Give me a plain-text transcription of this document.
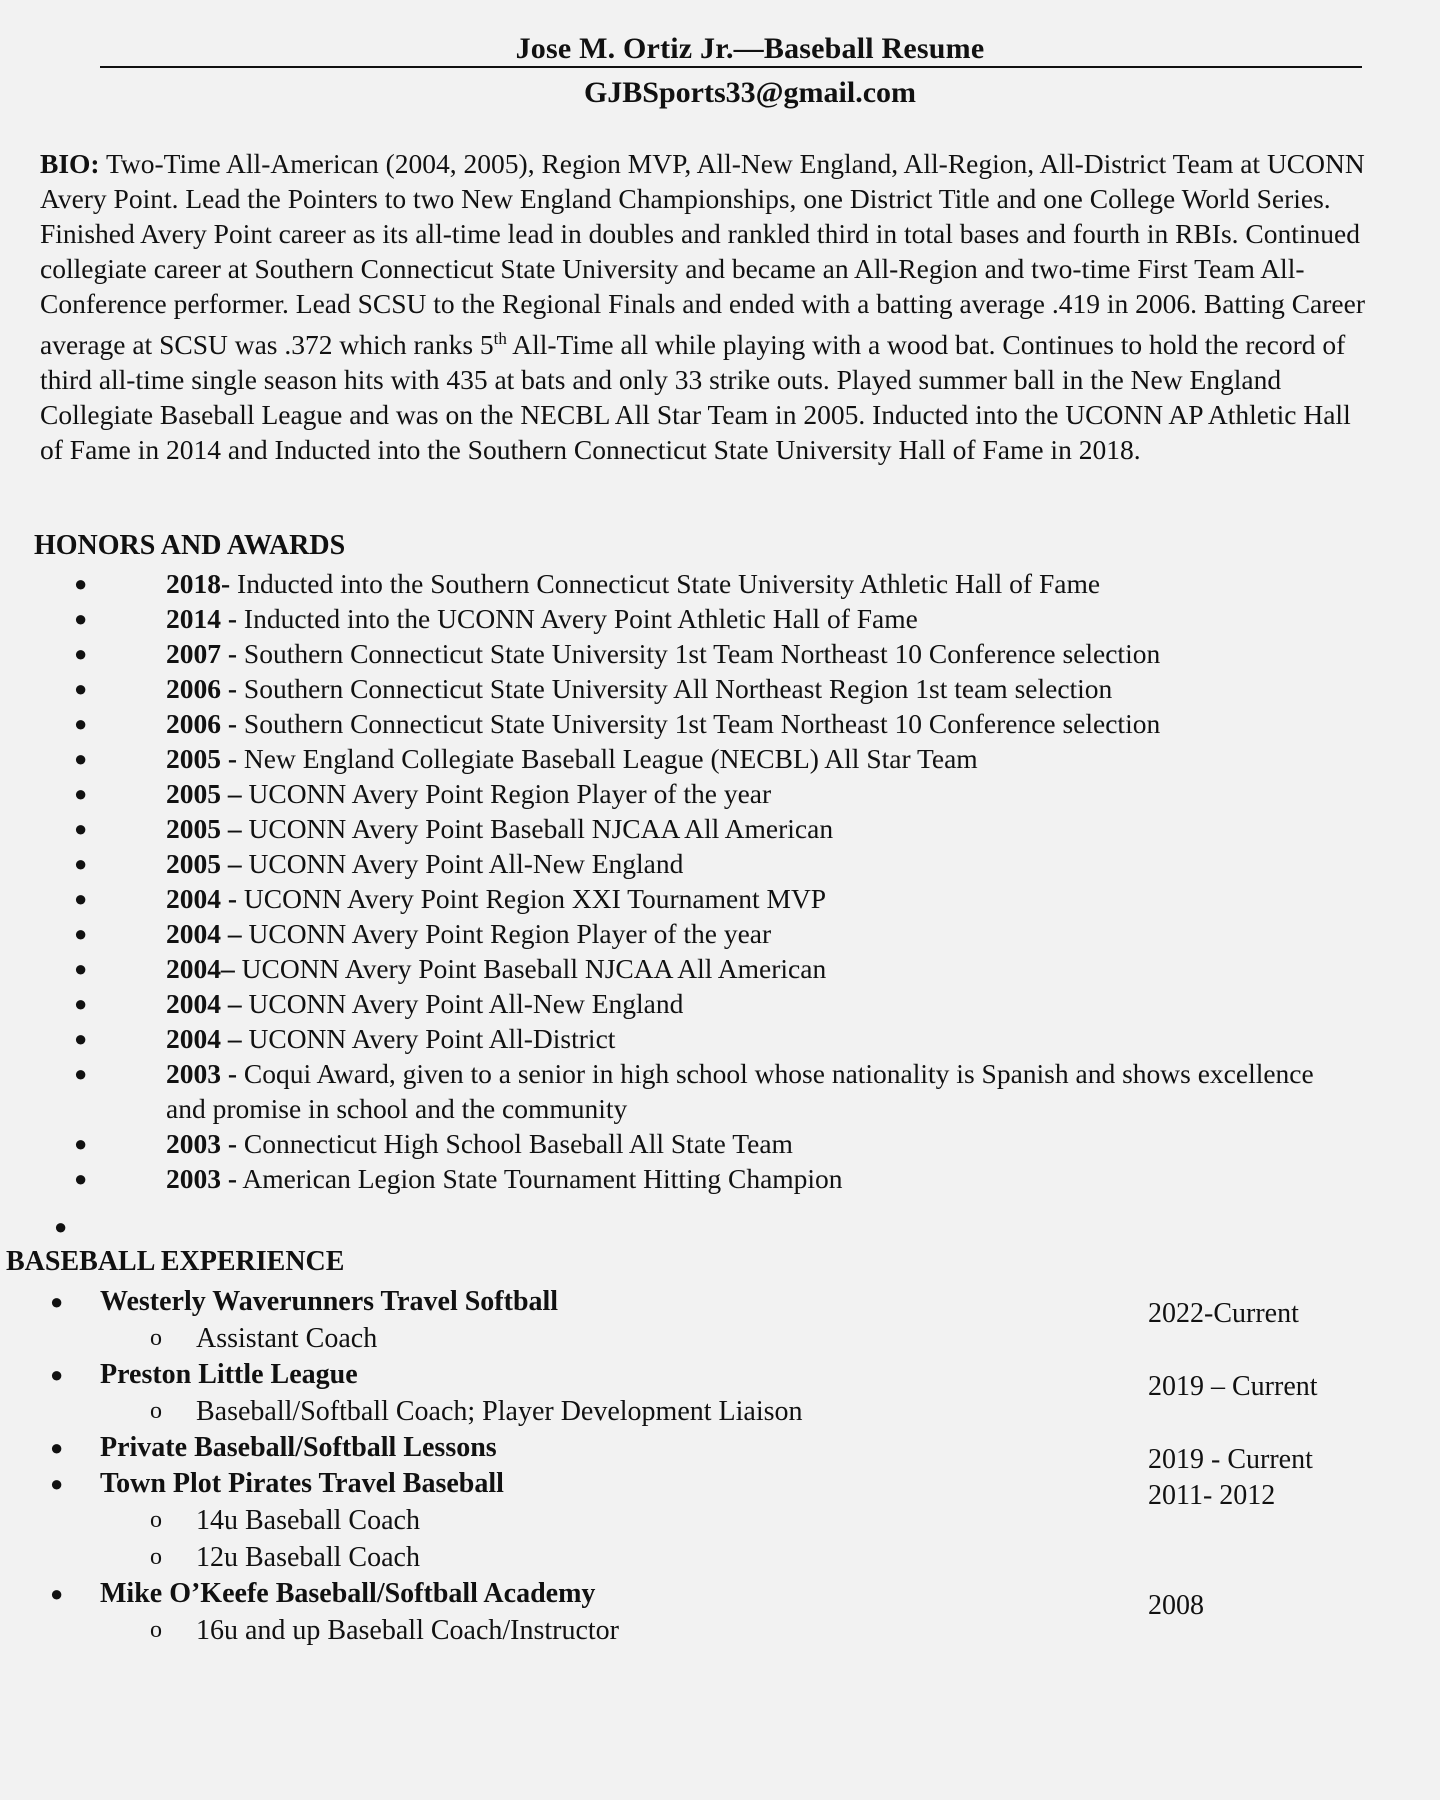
Jose M. Ortiz Jr.—Baseball Resume
GJBSports33@gmail.com

BIO: Two-Time All-American (2004, 2005), Region MVP, All-New England, All-Region, All-District Team at UCONN Avery Point. Lead the Pointers to two New England Championships, one District Title and one College World Series. Finished Avery Point career as its all-time lead in doubles and rankled third in total bases and fourth in RBIs. Continued collegiate career at Southern Connecticut State University and became an All-Region and two-time First Team All-Conference performer. Lead SCSU to the Regional Finals and ended with a batting average .419 in 2006. Batting Career average at SCSU was .372 which ranks 5th All-Time all while playing with a wood bat. Continues to hold the record of third all-time single season hits with 435 at bats and only 33 strike outs. Played summer ball in the New England Collegiate Baseball League and was on the NECBL All Star Team in 2005. Inducted into the UCONN AP Athletic Hall of Fame in 2014 and Inducted into the Southern Connecticut State University Hall of Fame in 2018.

HONORS AND AWARDS
●	2018- Inducted into the Southern Connecticut State University Athletic Hall of Fame
●	2014 - Inducted into the UCONN Avery Point Athletic Hall of Fame
●	2007 - Southern Connecticut State University 1st Team Northeast 10 Conference selection
●	2006 - Southern Connecticut State University All Northeast Region 1st team selection
●	2006 - Southern Connecticut State University 1st Team Northeast 10 Conference selection
●	2005 - New England Collegiate Baseball League (NECBL) All Star Team
●	2005 – UCONN Avery Point Region Player of the year
●	2005 – UCONN Avery Point Baseball NJCAA All American
●	2005 – UCONN Avery Point All-New England
●	2004 - UCONN Avery Point Region XXI Tournament MVP
●	2004 – UCONN Avery Point Region Player of the year
●	2004– UCONN Avery Point Baseball NJCAA All American
●	2004 – UCONN Avery Point All-New England
●	2004 – UCONN Avery Point All-District
●	2003 - Coqui Award, given to a senior in high school whose nationality is Spanish and shows excellence and promise in school and the community
●	2003 - Connecticut High School Baseball All State Team
●	2003 - American Legion State Tournament Hitting Champion
●
BASEBALL EXPERIENCE
● Westerly Waverunners Travel Softball	2022-Current
o Assistant Coach
● Preston Little League	2019 – Current
o Baseball/Softball Coach; Player Development Liaison
● Private Baseball/Softball Lessons	2019 - Current
● Town Plot Pirates Travel Baseball	2011- 2012
o 14u Baseball Coach
o 12u Baseball Coach
● Mike O’Keefe Baseball/Softball Academy	2008
o 16u and up Baseball Coach/Instructor
